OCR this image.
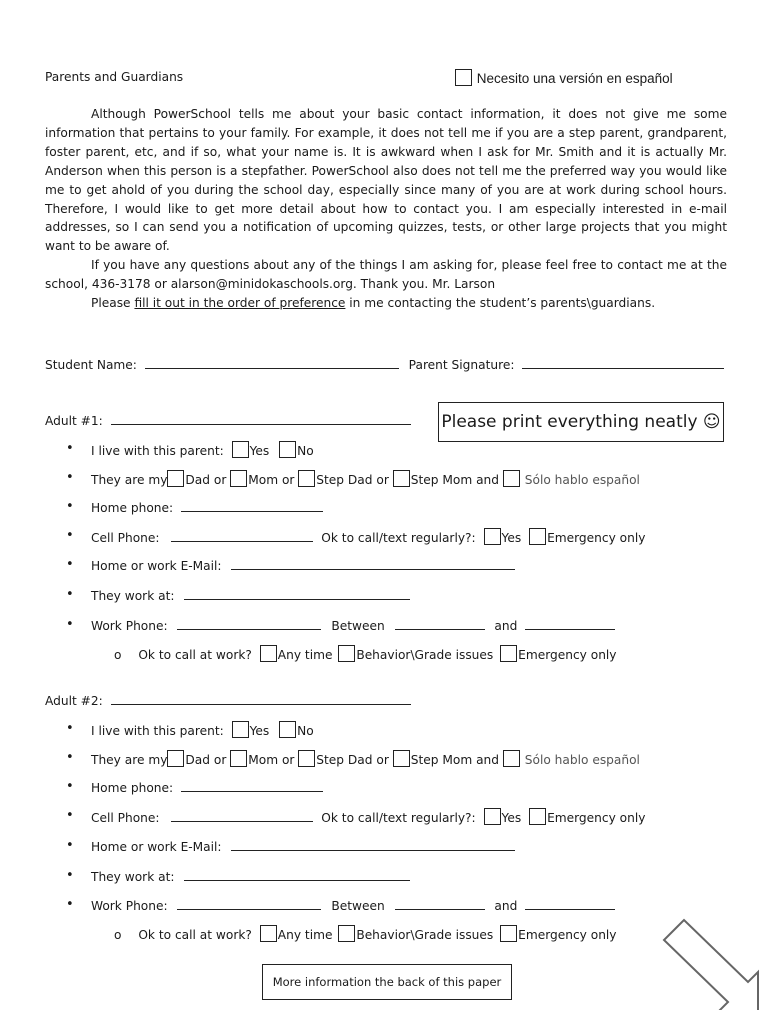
Parents and Guardians	Necesito una versión en español

Although PowerSchool tells me about your basic contact information, it does not give me some information that pertains to your family. For example, it does not tell me if you are a step parent, grandparent, foster parent, etc, and if so, what your name is. It is awkward when I ask for Mr. Smith and it is actually Mr. Anderson when this person is a stepfather. PowerSchool also does not tell me the preferred way you would like me to get ahold of you during the school day, especially since many of you are at work during school hours. Therefore, I would like to get more detail about how to contact you. I am especially interested in e-mail addresses, so I can send you a notification of upcoming quizzes, tests, or other large projects that you might want to be aware of.

If you have any questions about any of the things I am asking for, please feel free to contact me at the school, 436-3178 or alarson@minidokaschools.org. Thank you. Mr. Larson

Please fill it out in the order of preference in me contacting the student’s parents\guardians.

Student Name:	Parent Signature:
Please print everything neatly ☺
Adult #1:
• I live with this parent: Yes No
• They are my Dad or Mom or Step Dad or Step Mom and Sólo hablo español
• Home phone:
• Cell Phone:	Ok to call/text regularly?: Yes Emergency only
• Home or work E-Mail:
• They work at:
• Work Phone:	Between	and
o Ok to call at work? Any time Behavior\Grade issues Emergency only
Adult #2:
• I live with this parent: Yes No
• They are my Dad or Mom or Step Dad or Step Mom and Sólo hablo español
• Home phone:
• Cell Phone:	Ok to call/text regularly?: Yes Emergency only
• Home or work E-Mail:
• They work at:
• Work Phone:	Between	and
o Ok to call at work? Any time Behavior\Grade issues Emergency only
More information the back of this paper
